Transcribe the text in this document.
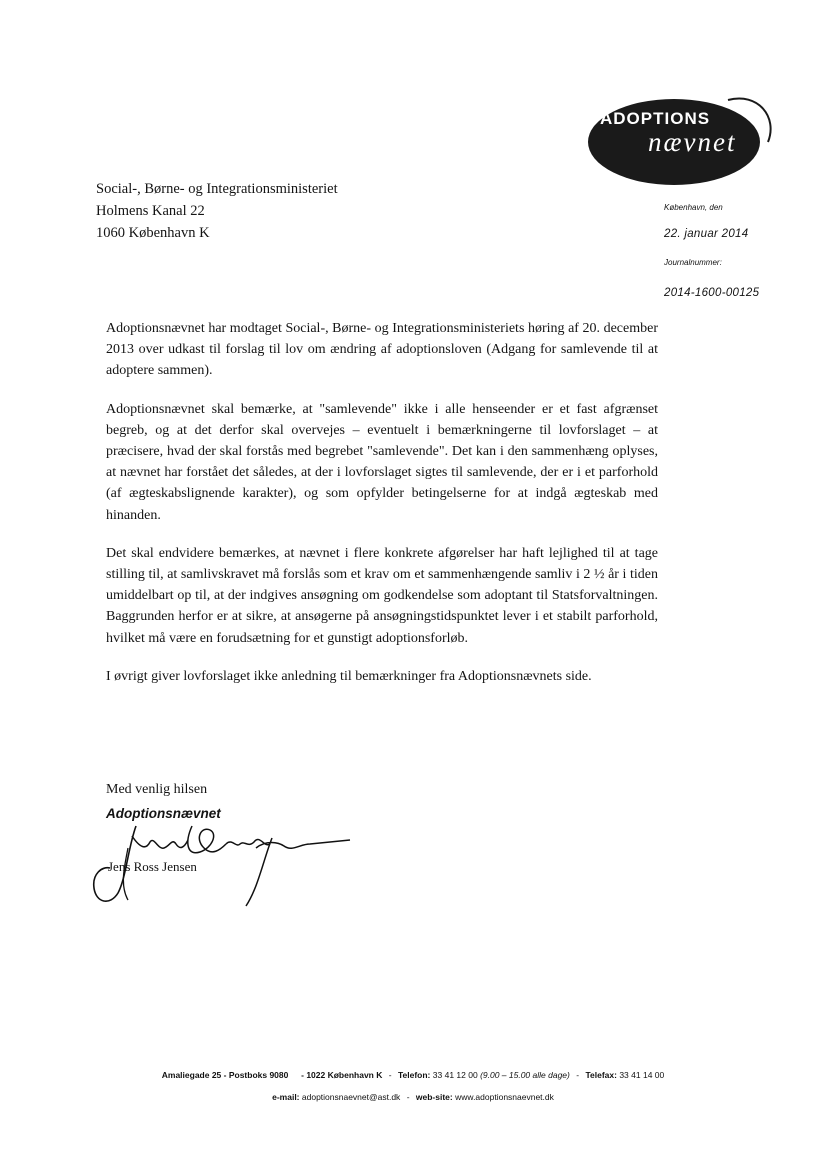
ADOPTIONS
nævnet
Social-, Børne- og Integrationsministeriet
Holmens Kanal 22
1060 København K
København, den
22. januar 2014
Journalnummer:
2014-1600-00125

Adoptionsnævnet har modtaget Social-, Børne- og Integrationsministeriets høring af 20. december 2013 over udkast til forslag til lov om ændring af adoptionsloven (Adgang for samlevende til at adoptere sammen).

Adoptionsnævnet skal bemærke, at "samlevende" ikke i alle henseender er et fast afgrænset begreb, og at det derfor skal overvejes – eventuelt i bemærkningerne til lovforslaget – at præcisere, hvad der skal forstås med begrebet "samlevende". Det kan i den sammenhæng oplyses, at nævnet har forstået det således, at der i lovforslaget sigtes til samlevende, der er i et parforhold (af ægteskabslignende karakter), og som opfylder betingelserne for at indgå ægteskab med hinanden.

Det skal endvidere bemærkes, at nævnet i flere konkrete afgørelser har haft lejlighed til at tage stilling til, at samlivskravet må forslås som et krav om et sammenhængende samliv i 2 ½ år i tiden umiddelbart op til, at der indgives ansøgning om godkendelse som adoptant til Statsforvaltningen. Baggrunden herfor er at sikre, at ansøgerne på ansøgningstidspunktet lever i et stabilt parforhold, hvilket må være en forudsætning for et gunstigt adoptionsforløb.

I øvrigt giver lovforslaget ikke anledning til bemærkninger fra Adoptionsnævnets side.

Med venlig hilsen
Adoptionsnævnet
Jens Ross Jensen
Amaliegade 25 - Postboks 9080 - 1022 København K - Telefon: 33 41 12 00 (9.00 – 15.00 alle dage) - Telefax: 33 41 14 00
e-mail: adoptionsnaevnet@ast.dk - web-site: www.adoptionsnaevnet.dk
